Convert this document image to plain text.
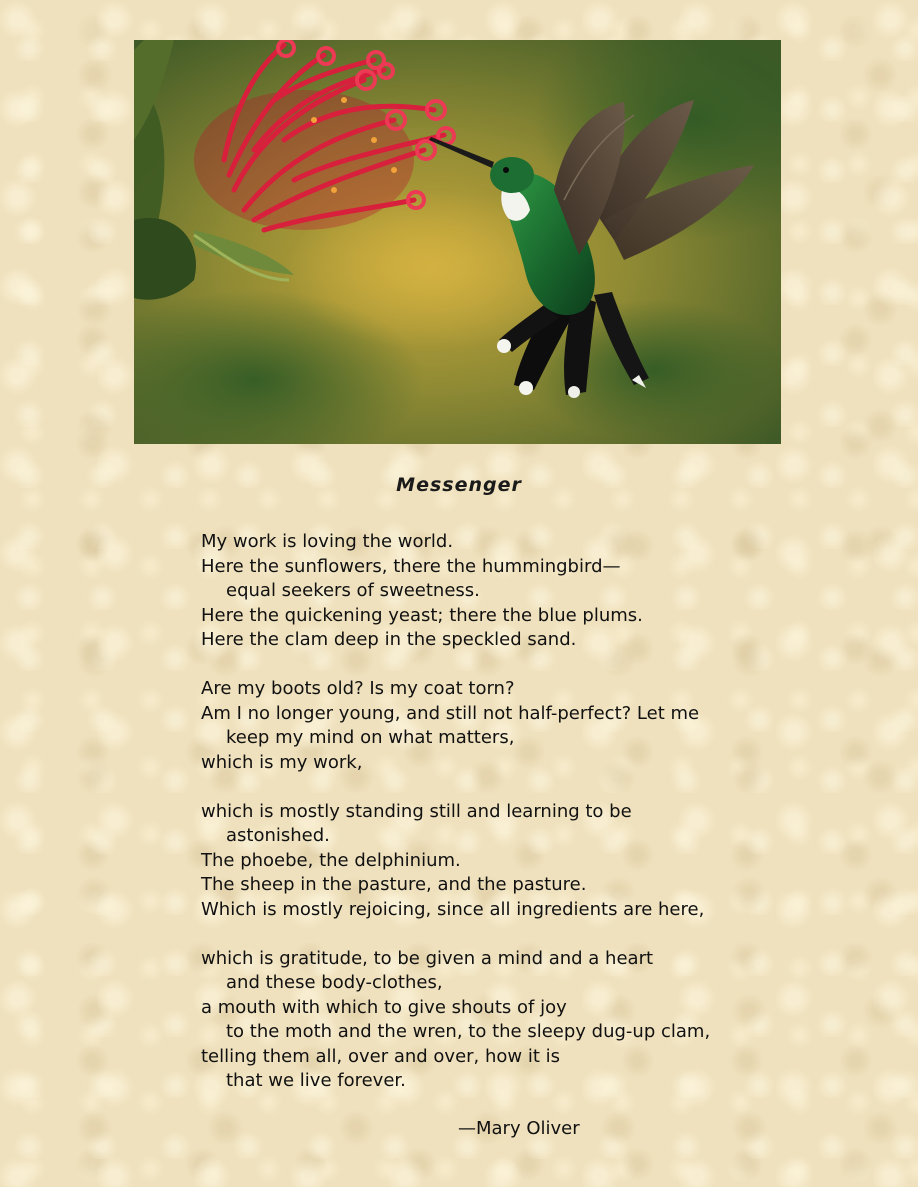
Messenger
My work is loving the world.
Here the sunflowers, there the hummingbird—
equal seekers of sweetness.
Here the quickening yeast; there the blue plums.
Here the clam deep in the speckled sand.
Are my boots old? Is my coat torn?
Am I no longer young, and still not half-perfect? Let me
keep my mind on what matters,
which is my work,
which is mostly standing still and learning to be
astonished.
The phoebe, the delphinium.
The sheep in the pasture, and the pasture.
Which is mostly rejoicing, since all ingredients are here,
which is gratitude, to be given a mind and a heart
and these body-clothes,
a mouth with which to give shouts of joy
to the moth and the wren, to the sleepy dug-up clam,
telling them all, over and over, how it is
that we live forever.
—Mary Oliver
